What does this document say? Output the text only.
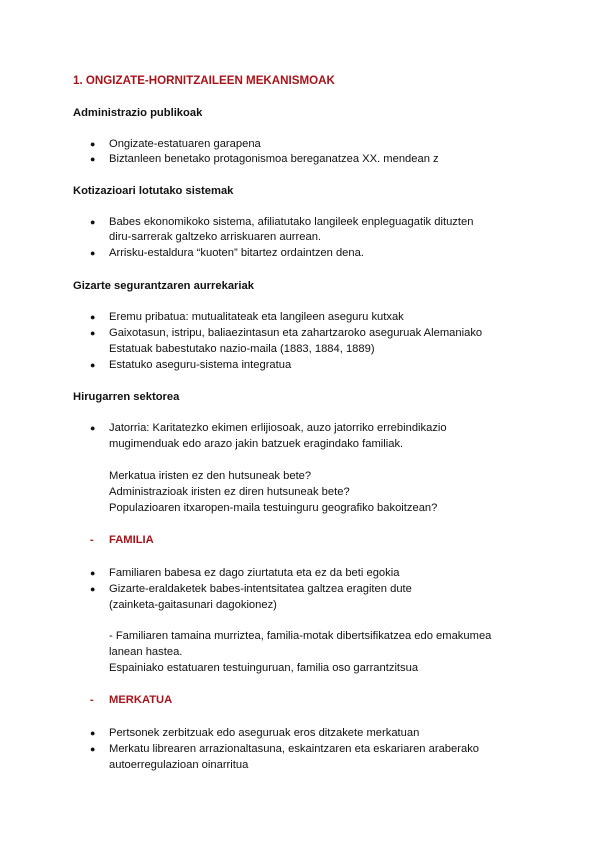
1. ONGIZATE-HORNITZAILEEN MEKANISMOAK
Administrazio publikoak
● Ongizate-estatuaren garapena
● Biztanleen benetako protagonismoa bereganatzea XX. mendean z
Kotizazioari lotutako sistemak
● Babes ekonomikoko sistema, afiliatutako langileek enpleguagatik dituzten
diru-sarrerak galtzeko arriskuaren aurrean.
● Arrisku-estaldura “kuoten” bitartez ordaintzen dena.
Gizarte segurantzaren aurrekariak
● Eremu pribatua: mutualitateak eta langileen aseguru kutxak
● Gaixotasun, istripu, baliaezintasun eta zahartzaroko aseguruak Alemaniako
Estatuak babestutako nazio-maila (1883, 1884, 1889)
● Estatuko aseguru-sistema integratua
Hirugarren sektorea
● Jatorria: Karitatezko ekimen erlijiosoak, auzo jatorriko errebindikazio
mugimenduak edo arazo jakin batzuek eragindako familiak.
Merkatua iristen ez den hutsuneak bete?
Administrazioak iristen ez diren hutsuneak bete?
Populazioaren itxaropen-maila testuinguru geografiko bakoitzean?
- FAMILIA
● Familiaren babesa ez dago ziurtatuta eta ez da beti egokia
● Gizarte-eraldaketek babes-intentsitatea galtzea eragiten dute
(zainketa-gaitasunari dagokionez)
- Familiaren tamaina murriztea, familia-motak dibertsifikatzea edo emakumea
lanean hastea.
Espainiako estatuaren testuinguruan, familia oso garrantzitsua
- MERKATUA
● Pertsonek zerbitzuak edo aseguruak eros ditzakete merkatuan
● Merkatu librearen arrazionaltasuna, eskaintzaren eta eskariaren araberako
autoerregulazioan oinarritua
